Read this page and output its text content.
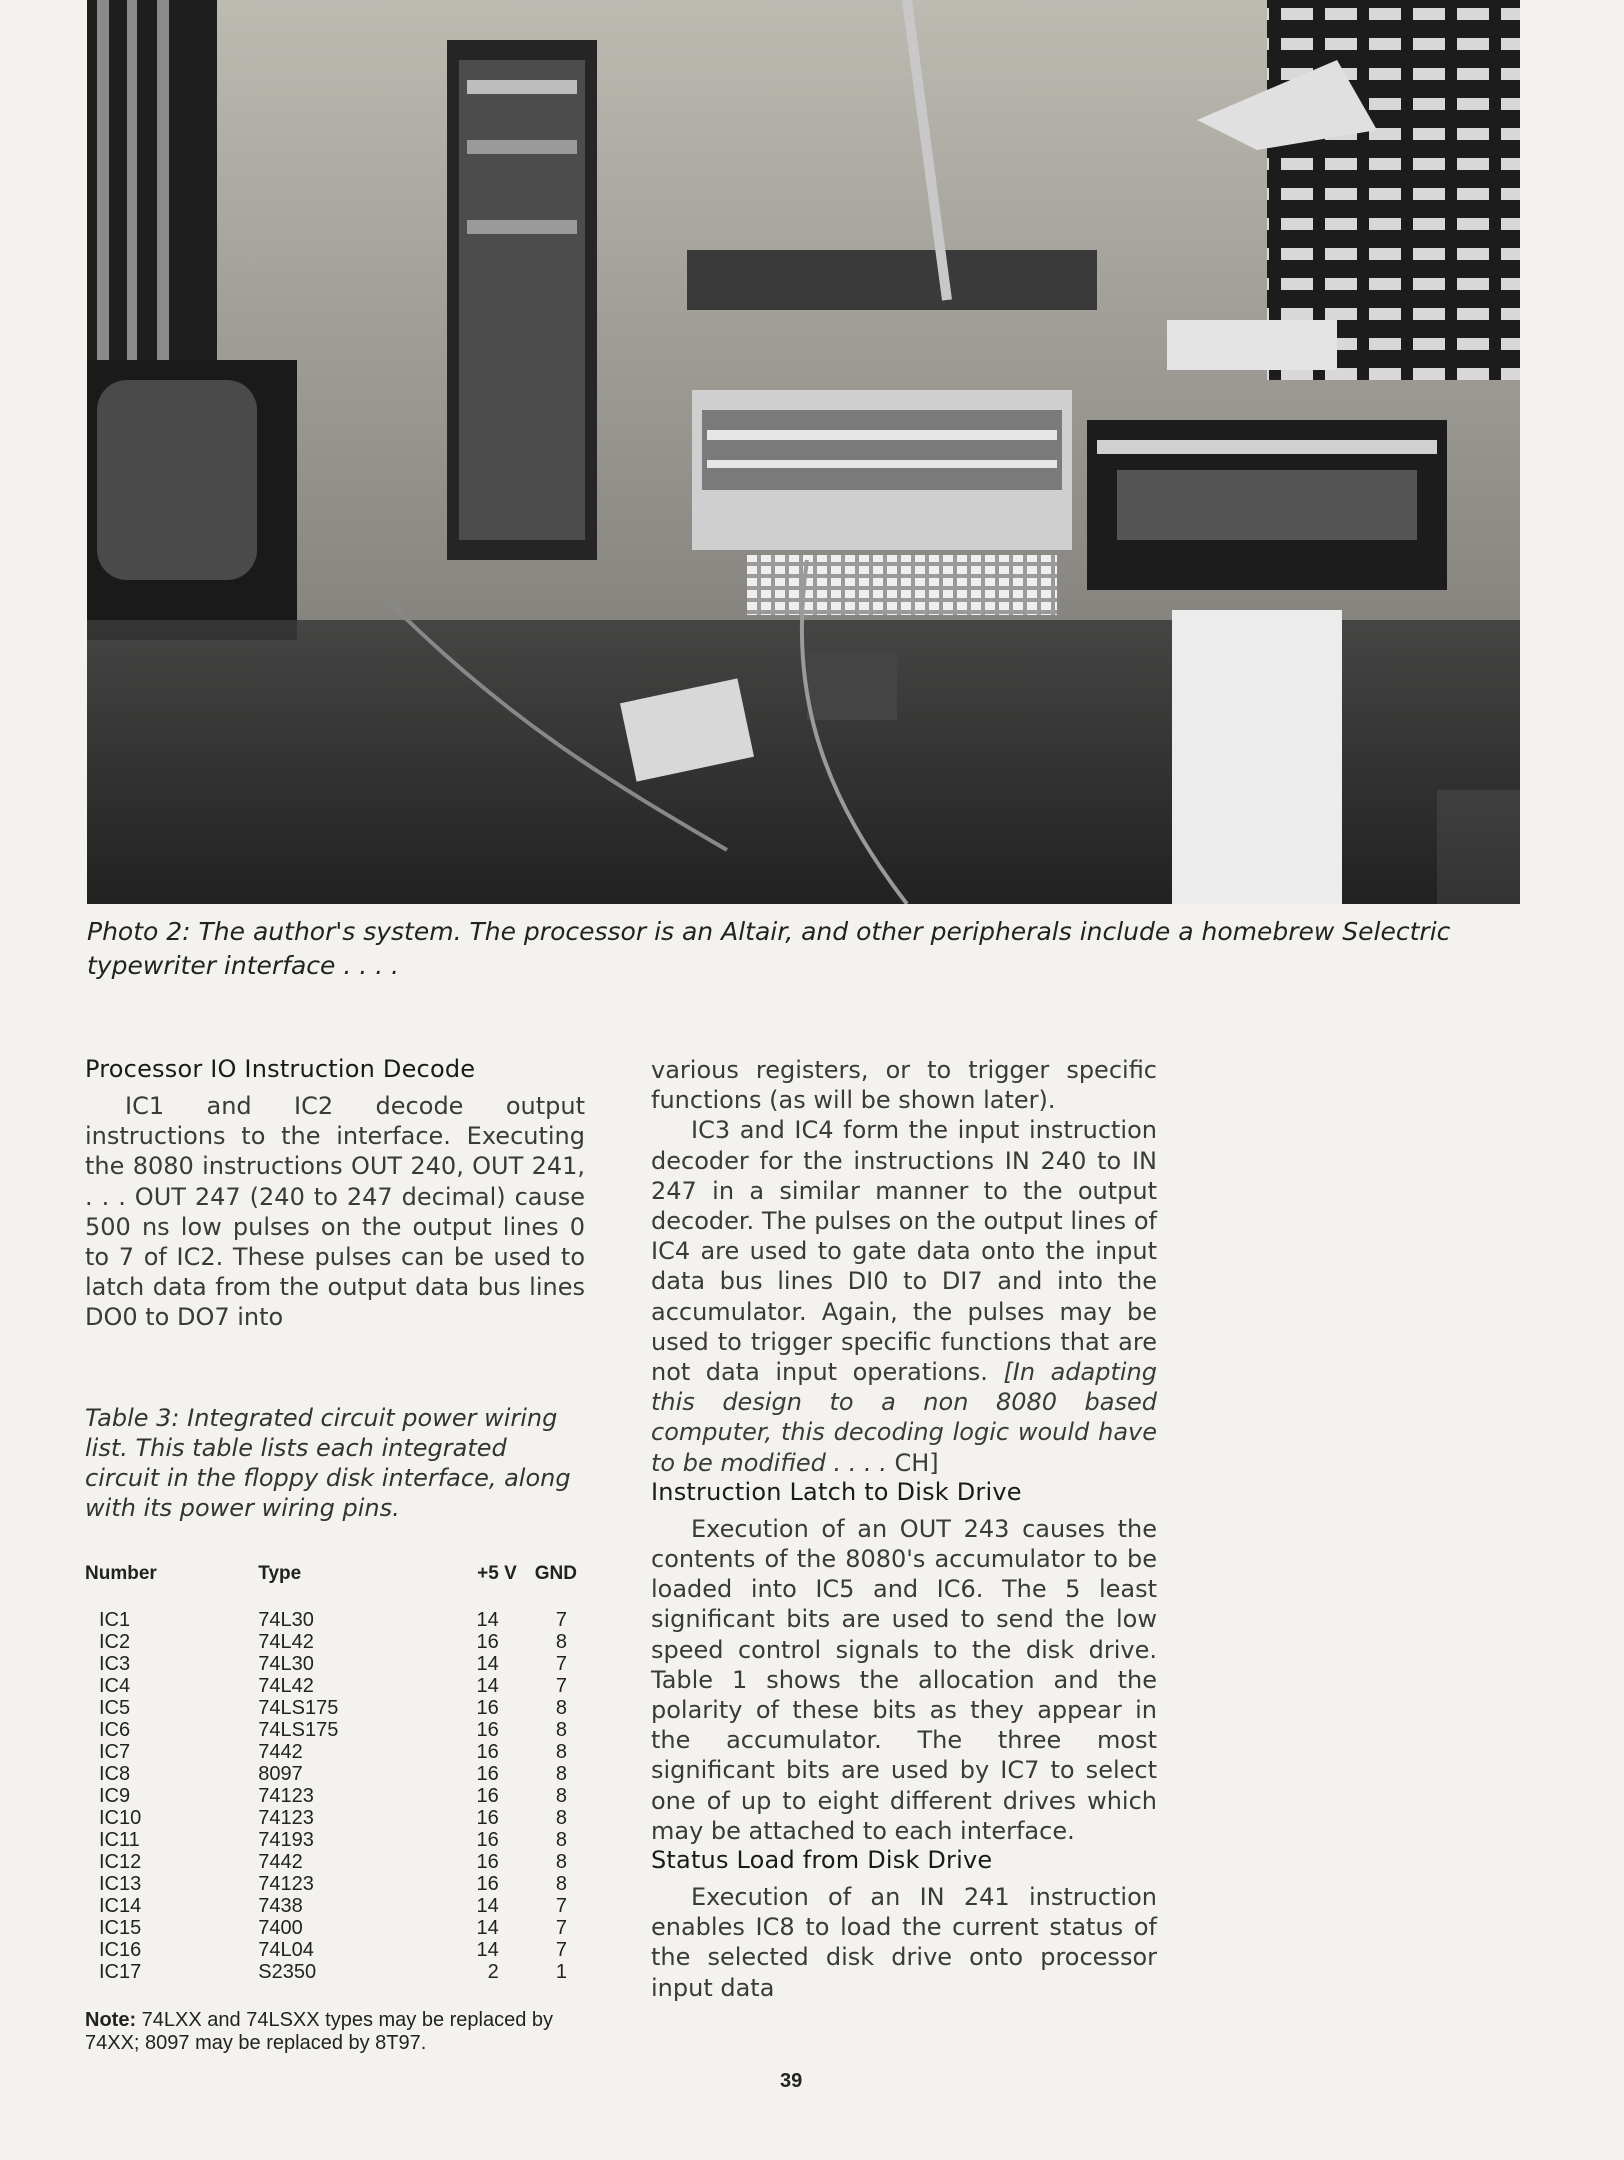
Photo 2: The author's system. The processor is an Altair, and other peripherals include a homebrew Selectric typewriter interface . . . .
Processor IO Instruction Decode

IC1 and IC2 decode output instructions to the interface. Executing the 8080 instructions OUT 240, OUT 241, . . . OUT 247 (240 to 247 decimal) cause 500 ns low pulses on the output lines 0 to 7 of IC2. These pulses can be used to latch data from the output data bus lines DO0 to DO7 into

Table 3: Integrated circuit power wiring list. This table lists each integrated circuit in the floppy disk interface, along with its power wiring pins.

Number	Type	+5 V	GND
IC1	74L30	14	7
IC2	74L42	16	8
IC3	74L30	14	7
IC4	74L42	14	7
IC5	74LS175	16	8
IC6	74LS175	16	8
IC7	7442	16	8
IC8	8097	16	8
IC9	74123	16	8
IC10	74123	16	8
IC11	74193	16	8
IC12	7442	16	8
IC13	74123	16	8
IC14	7438	14	7
IC15	7400	14	7
IC16	74L04	14	7
IC17	S2350	2	1
Note: 74LXX and 74LSXX types may be replaced by 74XX; 8097 may be replaced by 8T97.

various registers, or to trigger specific functions (as will be shown later).

IC3 and IC4 form the input instruction decoder for the instructions IN 240 to IN 247 in a similar manner to the output decoder. The pulses on the output lines of IC4 are used to gate data onto the input data bus lines DI0 to DI7 and into the accumulator. Again, the pulses may be used to trigger specific functions that are not data input operations. [In adapting this design to a non 8080 based computer, this decoding logic would have to be modified . . . . CH]

Instruction Latch to Disk Drive

Execution of an OUT 243 causes the contents of the 8080's accumulator to be loaded into IC5 and IC6. The 5 least significant bits are used to send the low speed control signals to the disk drive. Table 1 shows the allocation and the polarity of these bits as they appear in the accumulator. The three most significant bits are used by IC7 to select one of up to eight different drives which may be attached to each interface.

Status Load from Disk Drive

Execution of an IN 241 instruction enables IC8 to load the current status of the selected disk drive onto processor input data

39
